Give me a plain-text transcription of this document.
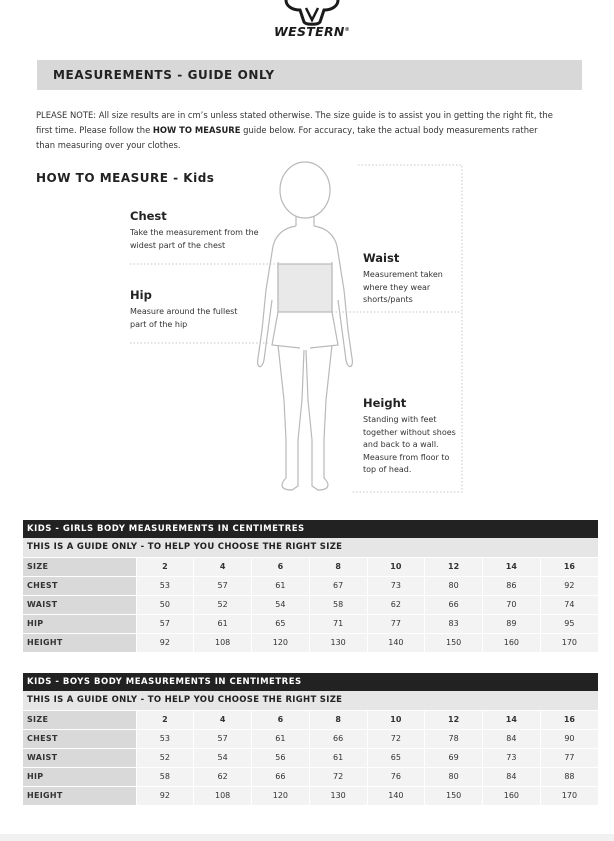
WESTERN®
MEASUREMENTS - GUIDE ONLY

PLEASE NOTE: All size results are in cm’s unless stated otherwise. The size guide is to assist you in getting the right fit, the first time. Please follow the HOW TO MEASURE guide below. For accuracy, take the actual body measurements rather than measuring over your clothes.

HOW TO MEASURE - Kids
Chest
Take the measurement from the widest part of the chest
Hip
Measure around the fullest part of the hip
Waist
Measurement taken where they wear shorts/pants
Height
Standing with feet together without shoes and back to a wall. Measure from floor to top of head.
KIDS - GIRLS BODY MEASUREMENTS IN CENTIMETRES								
THIS IS A GUIDE ONLY - TO HELP YOU CHOOSE THE RIGHT SIZE								
SIZE	2	4	6	8	10	12	14	16
CHEST	53	57	61	67	73	80	86	92
WAIST	50	52	54	58	62	66	70	74
HIP	57	61	65	71	77	83	89	95
HEIGHT	92	108	120	130	140	150	160	170
KIDS - BOYS BODY MEASUREMENTS IN CENTIMETRES								
THIS IS A GUIDE ONLY - TO HELP YOU CHOOSE THE RIGHT SIZE								
SIZE	2	4	6	8	10	12	14	16
CHEST	53	57	61	66	72	78	84	90
WAIST	52	54	56	61	65	69	73	77
HIP	58	62	66	72	76	80	84	88
HEIGHT	92	108	120	130	140	150	160	170
